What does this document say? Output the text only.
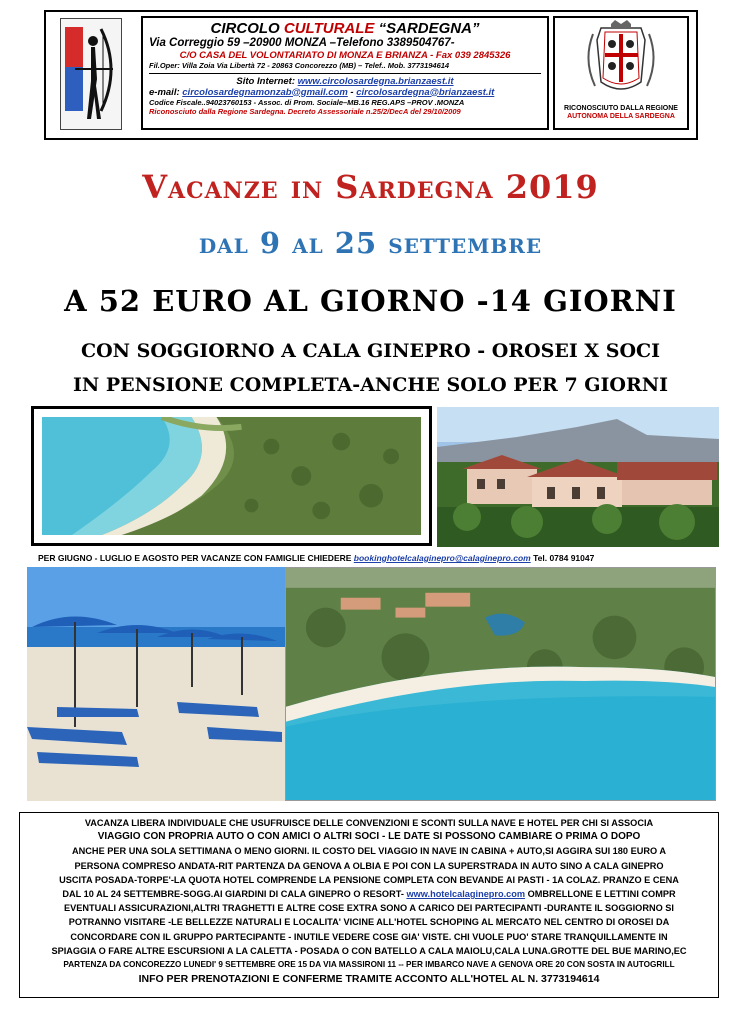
CIRCOLO CULTURALE “SARDEGNA”
Via Correggio 59 –20900 MONZA –Telefono 3389504767-
C/O CASA DEL VOLONTARIATO DI MONZA E BRIANZA - Fax 039 2845326
Fil.Oper: Villa Zoia Via Libertà 72 - 20863 Concorezzo (MB) – Telef.. Mob. 3773194614
Sito Internet: www.circolosardegna.brianzaest.it
e-mail: circolosardegnamonzab@gmail.com - circolosardegna@brianzaest.it
Codice Fiscale..94023760153 - Assoc. di Prom. Sociale–MB.16 REG.APS –PROV .MONZA
Riconosciuto dalla Regione Sardegna. Decreto Assessoriale n.25/2/DecA del 29/10/2009	RICONOSCIUTO DALLA REGIONE
AUTONOMA DELLA SARDEGNA
Vacanze in Sardegna 2019
dal 9 al 25 settembre
A 52 EURO AL GIORNO -14 GIORNI
CON SOGGIORNO A CALA GINEPRO - OROSEI X SOCI
IN PENSIONE COMPLETA-ANCHE SOLO PER 7 GIORNI
PER GIUGNO - LUGLIO E AGOSTO PER VACANZE CON FAMIGLIE CHIEDERE bookinghotelcalaginepro@calaginepro.com Tel. 0784 91047
VACANZA LIBERA INDIVIDUALE CHE USUFRUISCE DELLE CONVENZIONI E SCONTI SULLA NAVE E HOTEL PER CHI SI ASSOCIA
VIAGGIO CON PROPRIA AUTO O CON AMICI O ALTRI SOCI - LE DATE SI POSSONO CAMBIARE O PRIMA O DOPO
ANCHE PER UNA SOLA SETTIMANA O MENO GIORNI. IL COSTO DEL VIAGGIO IN NAVE IN CABINA + AUTO,SI AGGIRA SUI 180 EURO A
PERSONA COMPRESO ANDATA-RIT PARTENZA DA GENOVA A OLBIA E POI CON LA SUPERSTRADA IN AUTO SINO A CALA GINEPRO
USCITA POSADA-TORPE'-LA QUOTA HOTEL COMPRENDE LA PENSIONE COMPLETA CON BEVANDE AI PASTI - 1A COLAZ. PRANZO E CENA
DAL 10 AL 24 SETTEMBRE-SOGG.AI GIARDINI DI CALA GINEPRO O RESORT- www.hotelcalaginepro.com OMBRELLONE E LETTINI COMPR
EVENTUALI ASSICURAZIONI,ALTRI TRAGHETTI E ALTRE COSE EXTRA SONO A CARICO DEI PARTECIPANTI -DURANTE IL SOGGIORNO SI
POTRANNO VISITARE -LE BELLEZZE NATURALI E LOCALITA' VICINE ALL'HOTEL SCHOPING AL MERCATO NEL CENTRO DI OROSEI DA
CONCORDARE CON IL GRUPPO PARTECIPANTE - INUTILE VEDERE COSE GIA' VISTE. CHI VUOLE PUO' STARE TRANQUILLAMENTE IN
SPIAGGIA O FARE ALTRE ESCURSIONI A LA CALETTA - POSADA O CON BATELLO A CALA MAIOLU,CALA LUNA.GROTTE DEL BUE MARINO,EC
PARTENZA DA CONCOREZZO LUNEDI' 9 SETTEMBRE ORE 15 DA VIA MASSIRONI 11 -- PER IMBARCO NAVE A GENOVA ORE 20 CON SOSTA IN AUTOGRILL
INFO PER PRENOTAZIONI E CONFERME TRAMITE ACCONTO ALL'HOTEL AL N. 3773194614
